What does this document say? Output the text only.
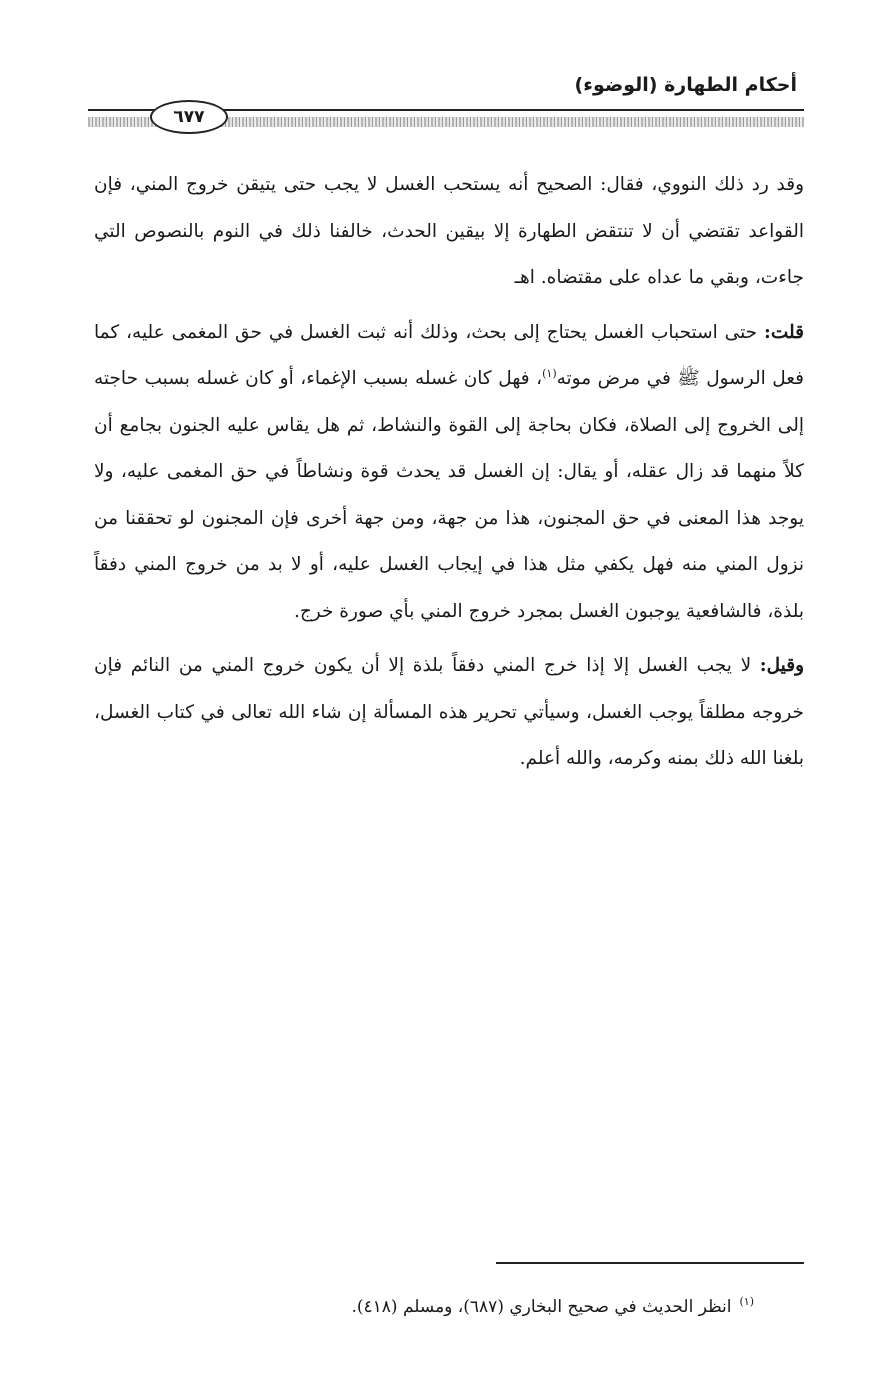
أحكام الطهارة (الوضوء)
٦٧٧

وقد رد ذلك النووي، فقال: الصحيح أنه يستحب الغسل لا يجب حتى يتيقن خروج المني، فإن القواعد تقتضي أن لا تنتقض الطهارة إلا بيقين الحدث، خالفنا ذلك في النوم بالنصوص التي جاءت، وبقي ما عداه على مقتضاه. اهـ

قلت: حتى استحباب الغسل يحتاج إلى بحث، وذلك أنه ثبت الغسل في حق المغمى عليه، كما فعل الرسول ﷺ في مرض موته$^{(١)}$، فهل كان غسله بسبب الإغماء، أو كان غسله بسبب حاجته إلى الخروج إلى الصلاة، فكان بحاجة إلى القوة والنشاط، ثم هل يقاس عليه الجنون بجامع أن كلاً منهما قد زال عقله، أو يقال: إن الغسل قد يحدث قوة ونشاطاً في حق المغمى عليه، ولا يوجد هذا المعنى في حق المجنون، هذا من جهة، ومن جهة أخرى فإن المجنون لو تحققنا من نزول المني منه فهل يكفي مثل هذا في إيجاب الغسل عليه، أو لا بد من خروج المني دفقاً بلذة، فالشافعية يوجبون الغسل بمجرد خروج المني بأي صورة خرج.

وقيل: لا يجب الغسل إلا إذا خرج المني دفقاً بلذة إلا أن يكون خروج المني من النائم فإن خروجه مطلقاً يوجب الغسل، وسيأتي تحرير هذه المسألة إن شاء الله تعالى في كتاب الغسل، بلغنا الله ذلك بمنه وكرمه، والله أعلم.

$^{(١)}$انظر الحديث في صحيح البخاري (٦٨٧)، ومسلم (٤١٨).
